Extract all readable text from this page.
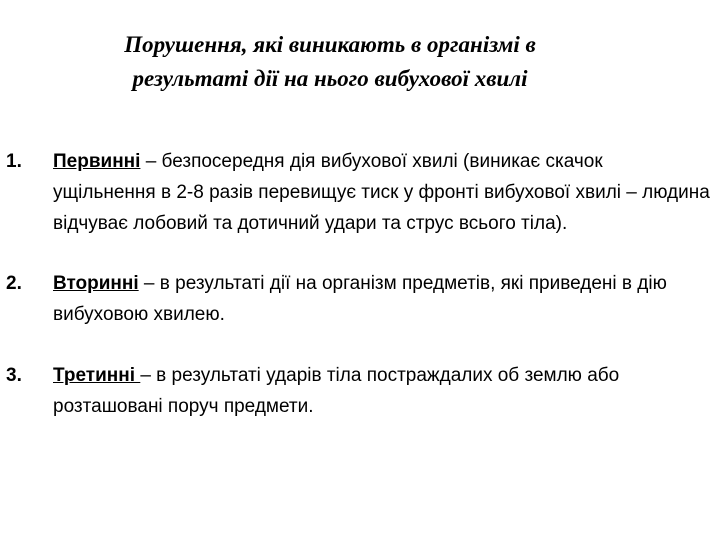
Порушення, які виникають в організмі в
результаті дії на нього вибухової хвилі
1. Первинні – безпосередня дія вибухової хвилі (виникає скачок ущільнення в 2-8 разів перевищує тиск у фронті вибухової хвилі – людина відчуває лобовий та дотичний удари та струс всього тіла).
2. Вторинні – в результаті дії на організм предметів, які приведені в дію вибуховою хвилею.
3. Третинні – в результаті ударів тіла постраждалих об землю або розташовані поруч предмети.
